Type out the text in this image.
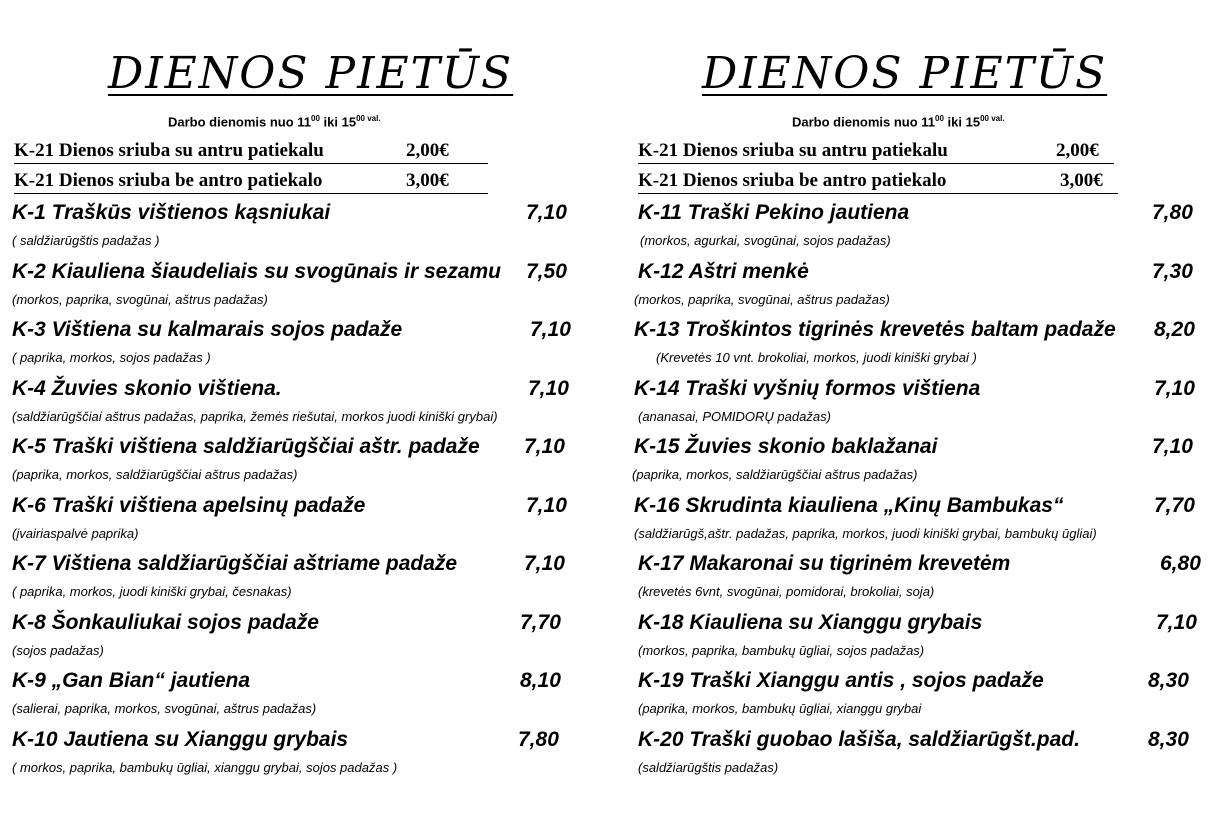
DIENOS PIETŪS
Darbo dienomis nuo $11^{00}$ iki $15^{00 val.}$
K-21 Dienos sriuba su antru patiekalu	2,00€
K-21 Dienos sriuba be antro patiekalo	3,00€
K-1 Traškūs vištienos kąsniukai	7,10
( saldžiarūgštis padažas )
K-2 Kiauliena šiaudeliais su svogūnais ir sezamu 7,50
(morkos, paprika, svogūnai, aštrus padažas)
K-3 Vištiena su kalmarais sojos padaže	7,10
( paprika, morkos, sojos padažas )
K-4 Žuvies skonio vištiena.	7,10
(saldžiarūgščiai aštrus padažas, paprika, žemės riešutai, morkos juodi kiniški grybai)
K-5 Traški vištiena saldžiarūgščiai aštr. padaže 7,10
(paprika, morkos, saldžiarūgščiai aštrus padažas)
K-6 Traški vištiena apelsinų padaže	7,10
(įvairiaspalvė paprika)
K-7 Vištiena saldžiarūgščiai aštriame padaže	7,10
( paprika, morkos, juodi kiniški grybai, česnakas)
K-8 Šonkauliukai sojos padaže	7,70
(sojos padažas)
K-9 „Gan Bian“ jautiena	8,10
(salierai, paprika, morkos, svogūnai, aštrus padažas)
K-10 Jautiena su Xianggu grybais	7,80
( morkos, paprika, bambukų ūgliai, xianggu grybai, sojos padažas )
DIENOS PIETŪS
Darbo dienomis nuo $11^{00}$ iki $15^{00 val.}$
K-21 Dienos sriuba su antru patiekalu	2,00€
K-21 Dienos sriuba be antro patiekalo	3,00€
K-11 Traški Pekino jautiena	7,80
(morkos, agurkai, svogūnai, sojos padažas)
K-12 Aštri menkė	7,30
(morkos, paprika, svogūnai, aštrus padažas)
K-13 Troškintos tigrinės krevetės baltam padaže 8,20
(Krevetės 10 vnt. brokoliai, morkos, juodi kiniški grybai )
K-14 Traški vyšnių formos vištiena	7,10
(ananasai, POMIDORŲ padažas)
K-15 Žuvies skonio baklažanai	7,10
(paprika, morkos, saldžiarūgščiai aštrus padažas)
K-16 Skrudinta kiauliena „Kinų Bambukas“	7,70
(saldžiarūgš,aštr. padažas, paprika, morkos, juodi kiniški grybai, bambukų ūgliai)
K-17 Makaronai su tigrinėm krevetėm	6,80
(krevetės 6vnt, svogūnai, pomidorai, brokoliai, soja)
K-18 Kiauliena su Xianggu grybais	7,10
(morkos, paprika, bambukų ūgliai, sojos padažas)
K-19 Traški Xianggu antis , sojos padaže	8,30
(paprika, morkos, bambukų ūgliai, xianggu grybai
K-20 Traški guobao lašiša, saldžiarūgšt.pad.	8,30
(saldžiarūgštis padažas)
